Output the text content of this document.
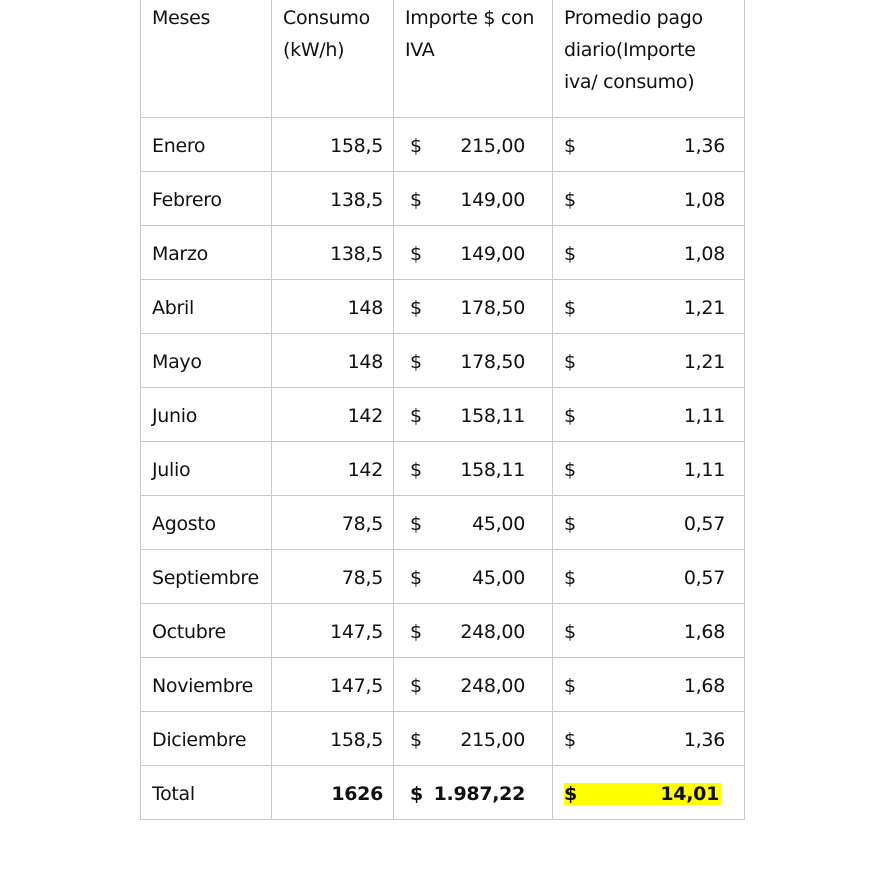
Meses	Consumo (kW/h)	Importe $ con IVA	Promedio pago diario(Importe iva/ consumo)

Enero	158,5	$ 215,00	$ 1,36

Febrero	138,5	$ 149,00	$ 1,08

Marzo	138,5	$ 149,00	$ 1,08

Abril	148	$ 178,50	$ 1,21

Mayo	148	$ 178,50	$ 1,21

Junio	142	$ 158,11	$ 1,11

Julio	142	$ 158,11	$ 1,11

Agosto	78,5	$ 45,00	$ 0,57

Septiembre	78,5	$ 45,00	$ 0,57

Octubre	147,5	$ 248,00	$ 1,68

Noviembre	147,5	$ 248,00	$ 1,68

Diciembre	158,5	$ 215,00	$ 1,36

Total	1626	$ 1.987,22	$ 14,01
